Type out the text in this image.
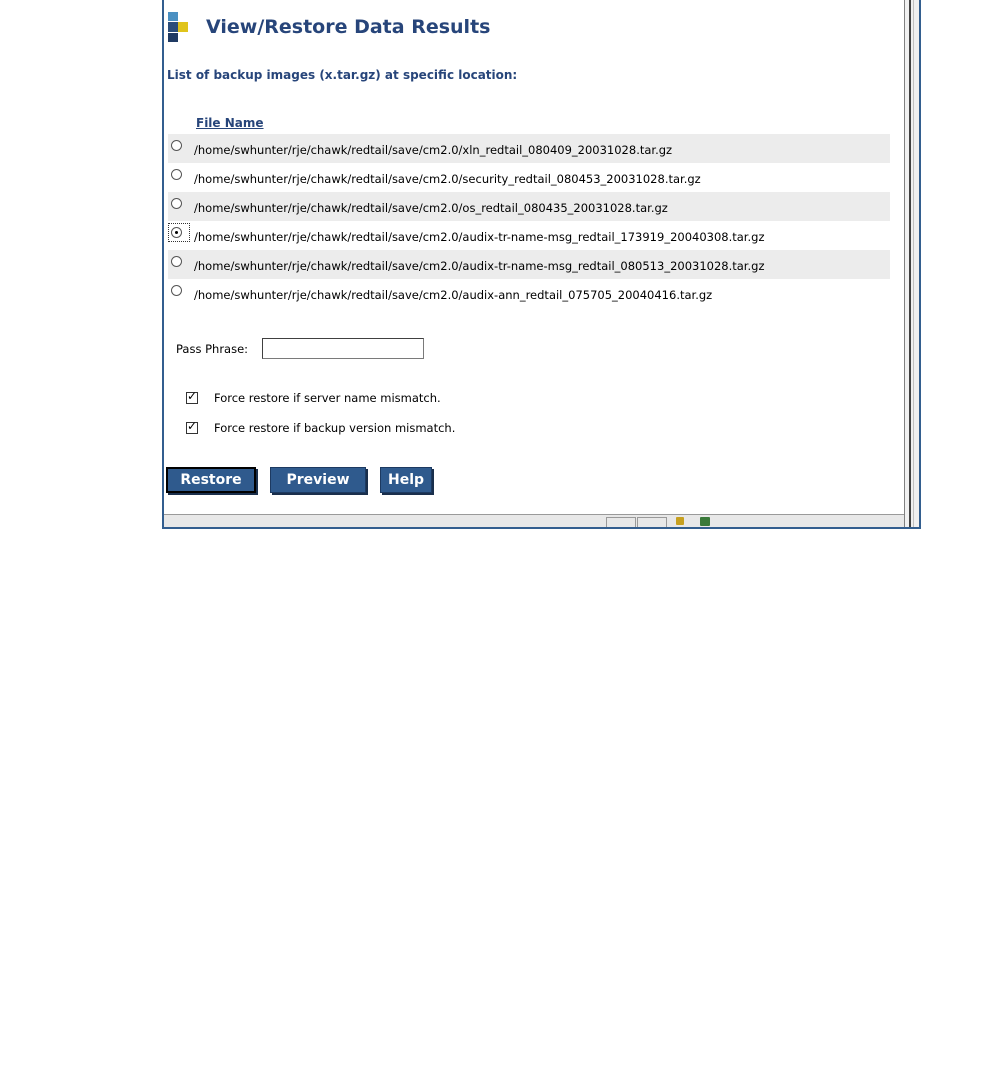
View/Restore Data Results
List of backup images (x.tar.gz) at specific location:
File Name
/home/swhunter/rje/chawk/redtail/save/cm2.0/xln_redtail_080409_20031028.tar.gz
/home/swhunter/rje/chawk/redtail/save/cm2.0/security_redtail_080453_20031028.tar.gz
/home/swhunter/rje/chawk/redtail/save/cm2.0/os_redtail_080435_20031028.tar.gz
/home/swhunter/rje/chawk/redtail/save/cm2.0/audix-tr-name-msg_redtail_173919_20040308.tar.gz
/home/swhunter/rje/chawk/redtail/save/cm2.0/audix-tr-name-msg_redtail_080513_20031028.tar.gz
/home/swhunter/rje/chawk/redtail/save/cm2.0/audix-ann_redtail_075705_20040416.tar.gz
Pass Phrase:
✓
Force restore if server name mismatch.
✓
Force restore if backup version mismatch.
Restore	Preview	Help
